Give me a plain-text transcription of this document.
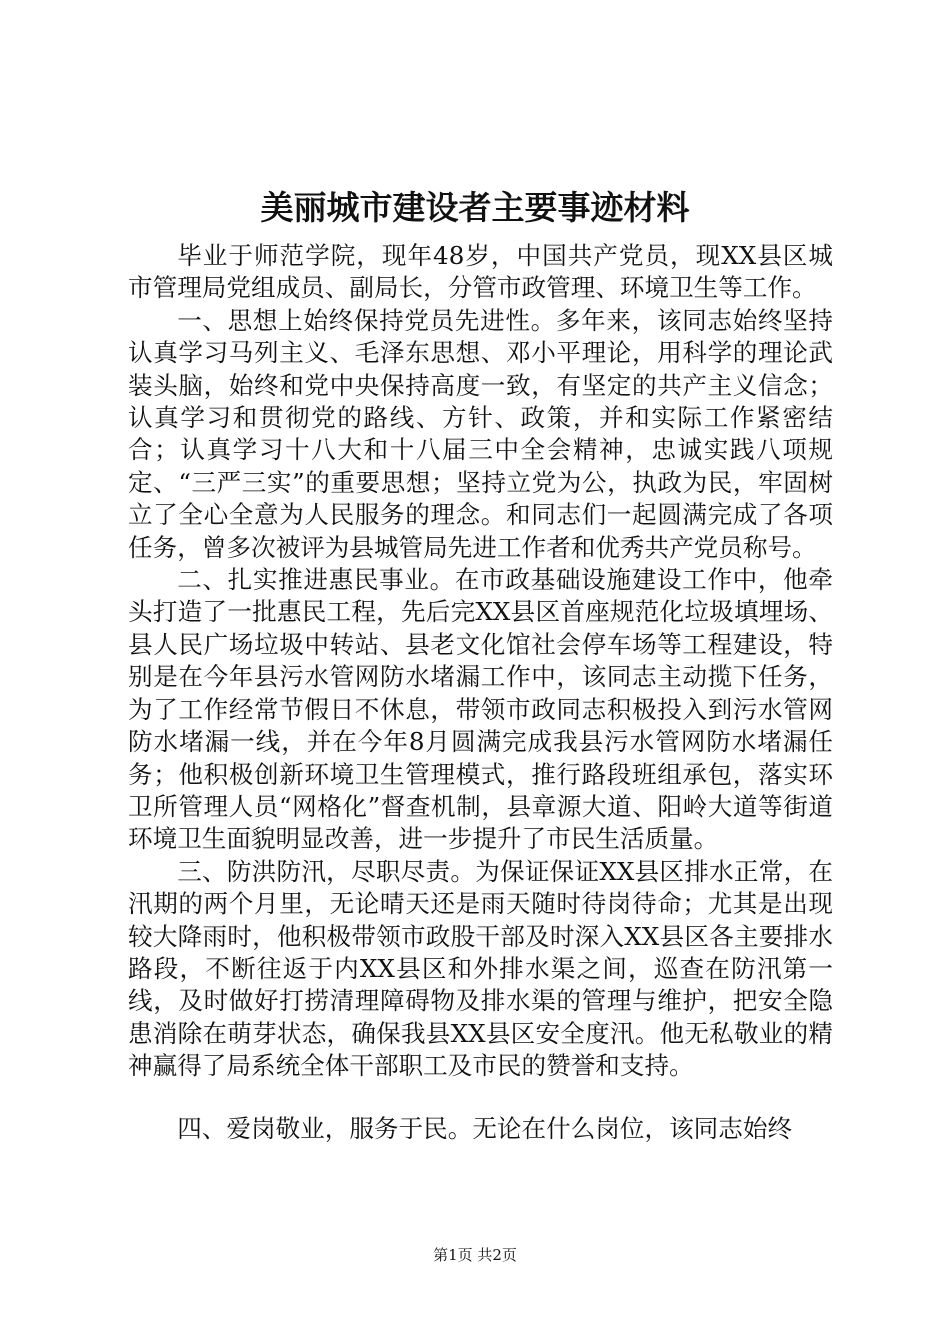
美丽城市建设者主要事迹材料

毕业于师范学院，现年48岁，中国共产党员，现XX县区城市管理局党组成员、副局长，分管市政管理、环境卫生等工作。

一、思想上始终保持党员先进性。多年来，该同志始终坚持认真学习马列主义、毛泽东思想、邓小平理论，用科学的理论武装头脑，始终和党中央保持高度一致，有坚定的共产主义信念；认真学习和贯彻党的路线、方针、政策，并和实际工作紧密结合；认真学习十八大和十八届三中全会精神，忠诚实践八项规定、“三严三实”的重要思想；坚持立党为公，执政为民，牢固树立了全心全意为人民服务的理念。和同志们一起圆满完成了各项任务，曾多次被评为县城管局先进工作者和优秀共产党员称号。

二、扎实推进惠民事业。在市政基础设施建设工作中，他牵头打造了一批惠民工程，先后完XX县区首座规范化垃圾填埋场、县人民广场垃圾中转站、县老文化馆社会停车场等工程建设，特别是在今年县污水管网防水堵漏工作中，该同志主动揽下任务，为了工作经常节假日不休息，带领市政同志积极投入到污水管网防水堵漏一线，并在今年8月圆满完成我县污水管网防水堵漏任务；他积极创新环境卫生管理模式，推行路段班组承包，落实环卫所管理人员“网格化”督查机制，县章源大道、阳岭大道等街道环境卫生面貌明显改善，进一步提升了市民生活质量。

三、防洪防汛，尽职尽责。为保证保证XX县区排水正常，在汛期的两个月里，无论晴天还是雨天随时待岗待命；尤其是出现较大降雨时，他积极带领市政股干部及时深入XX县区各主要排水路段，不断往返于内XX县区和外排水渠之间，巡查在防汛第一线，及时做好打捞清理障碍物及排水渠的管理与维护，把安全隐患消除在萌芽状态，确保我县XX县区安全度汛。他无私敬业的精神赢得了局系统全体干部职工及市民的赞誉和支持。

四、爱岗敬业，服务于民。无论在什么岗位，该同志始终

第1页 共2页
